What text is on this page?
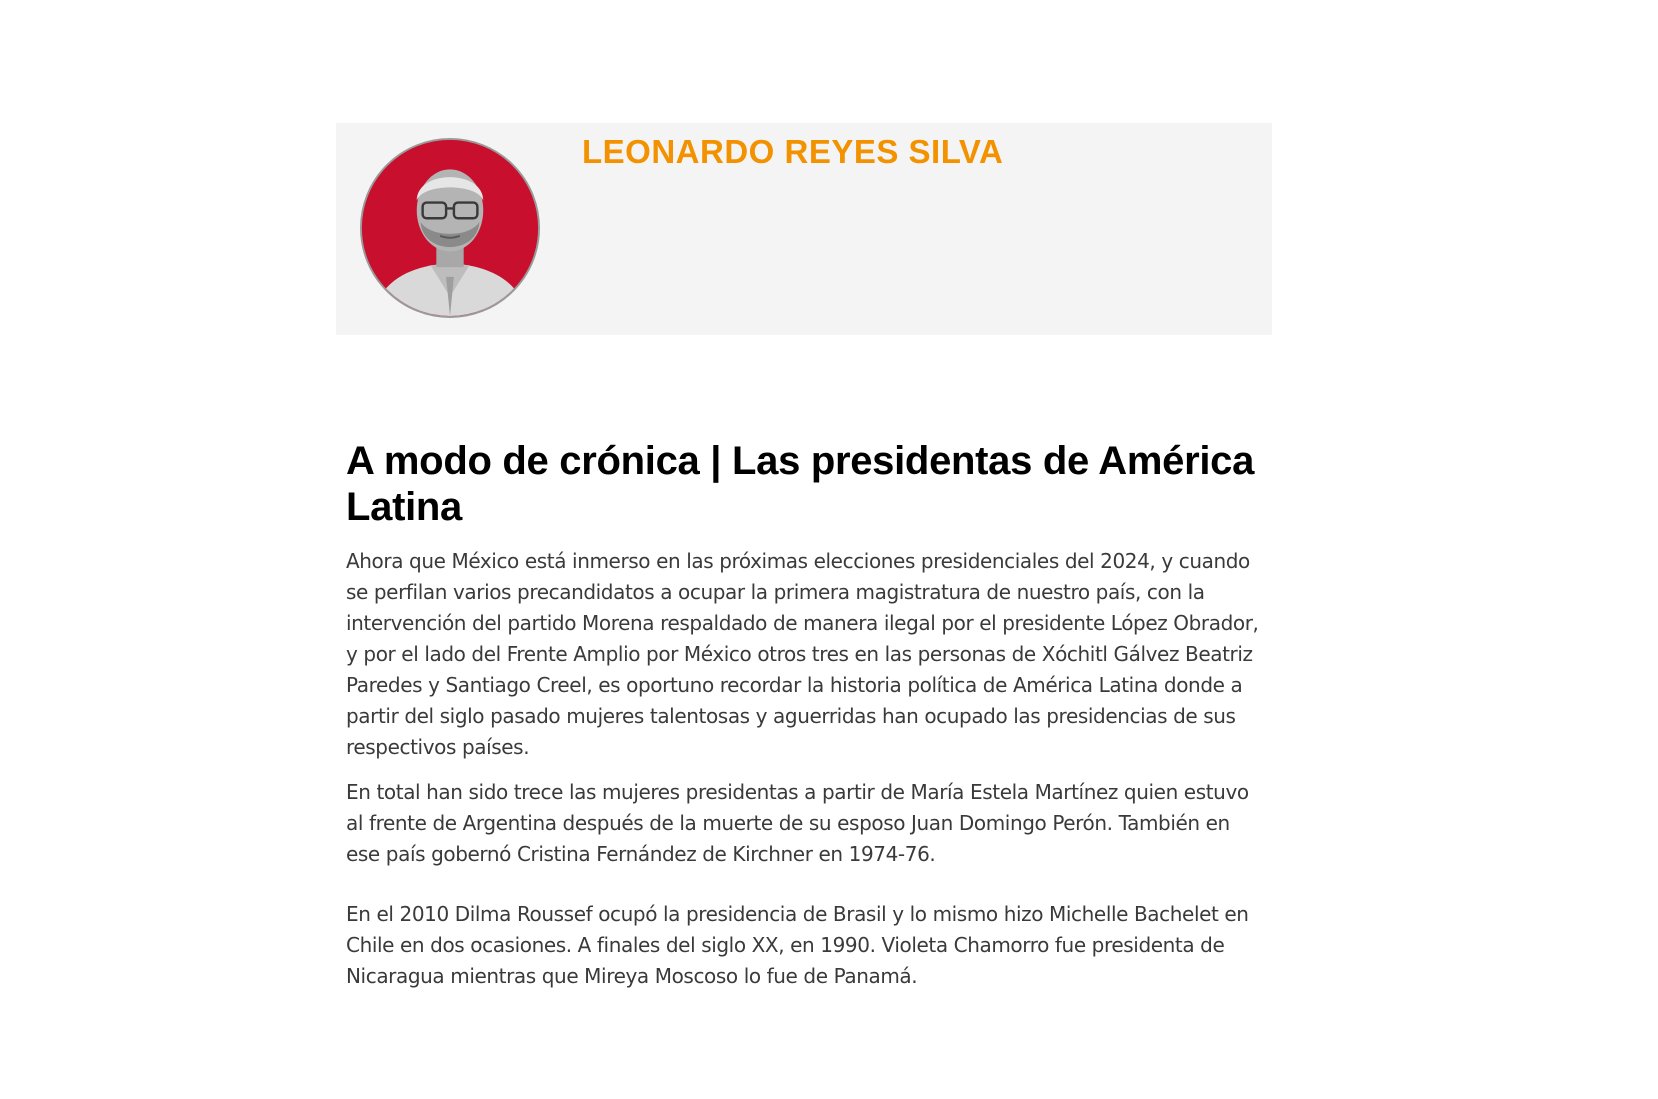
LEONARDO REYES SILVA
A modo de crónica | Las presidentas de América Latina

Ahora que México está inmerso en las próximas elecciones presidenciales del 2024, y cuando se perfilan varios precandidatos a ocupar la primera magistratura de nuestro país, con la intervención del partido Morena respaldado de manera ilegal por el presidente López Obrador, y por el lado del Frente Amplio por México otros tres en las personas de Xóchitl Gálvez Beatriz Paredes y Santiago Creel, es oportuno recordar la historia política de América Latina donde a partir del siglo pasado mujeres talentosas y aguerridas han ocupado las presidencias de sus respectivos países.

En total han sido trece las mujeres presidentas a partir de María Estela Martínez quien estuvo al frente de Argentina después de la muerte de su esposo Juan Domingo Perón. También en ese país gobernó Cristina Fernández de Kirchner en 1974-76.

En el 2010 Dilma Roussef ocupó la presidencia de Brasil y lo mismo hizo Michelle Bachelet en Chile en dos ocasiones. A finales del siglo XX, en 1990. Violeta Chamorro fue presidenta de Nicaragua mientras que Mireya Moscoso lo fue de Panamá.
